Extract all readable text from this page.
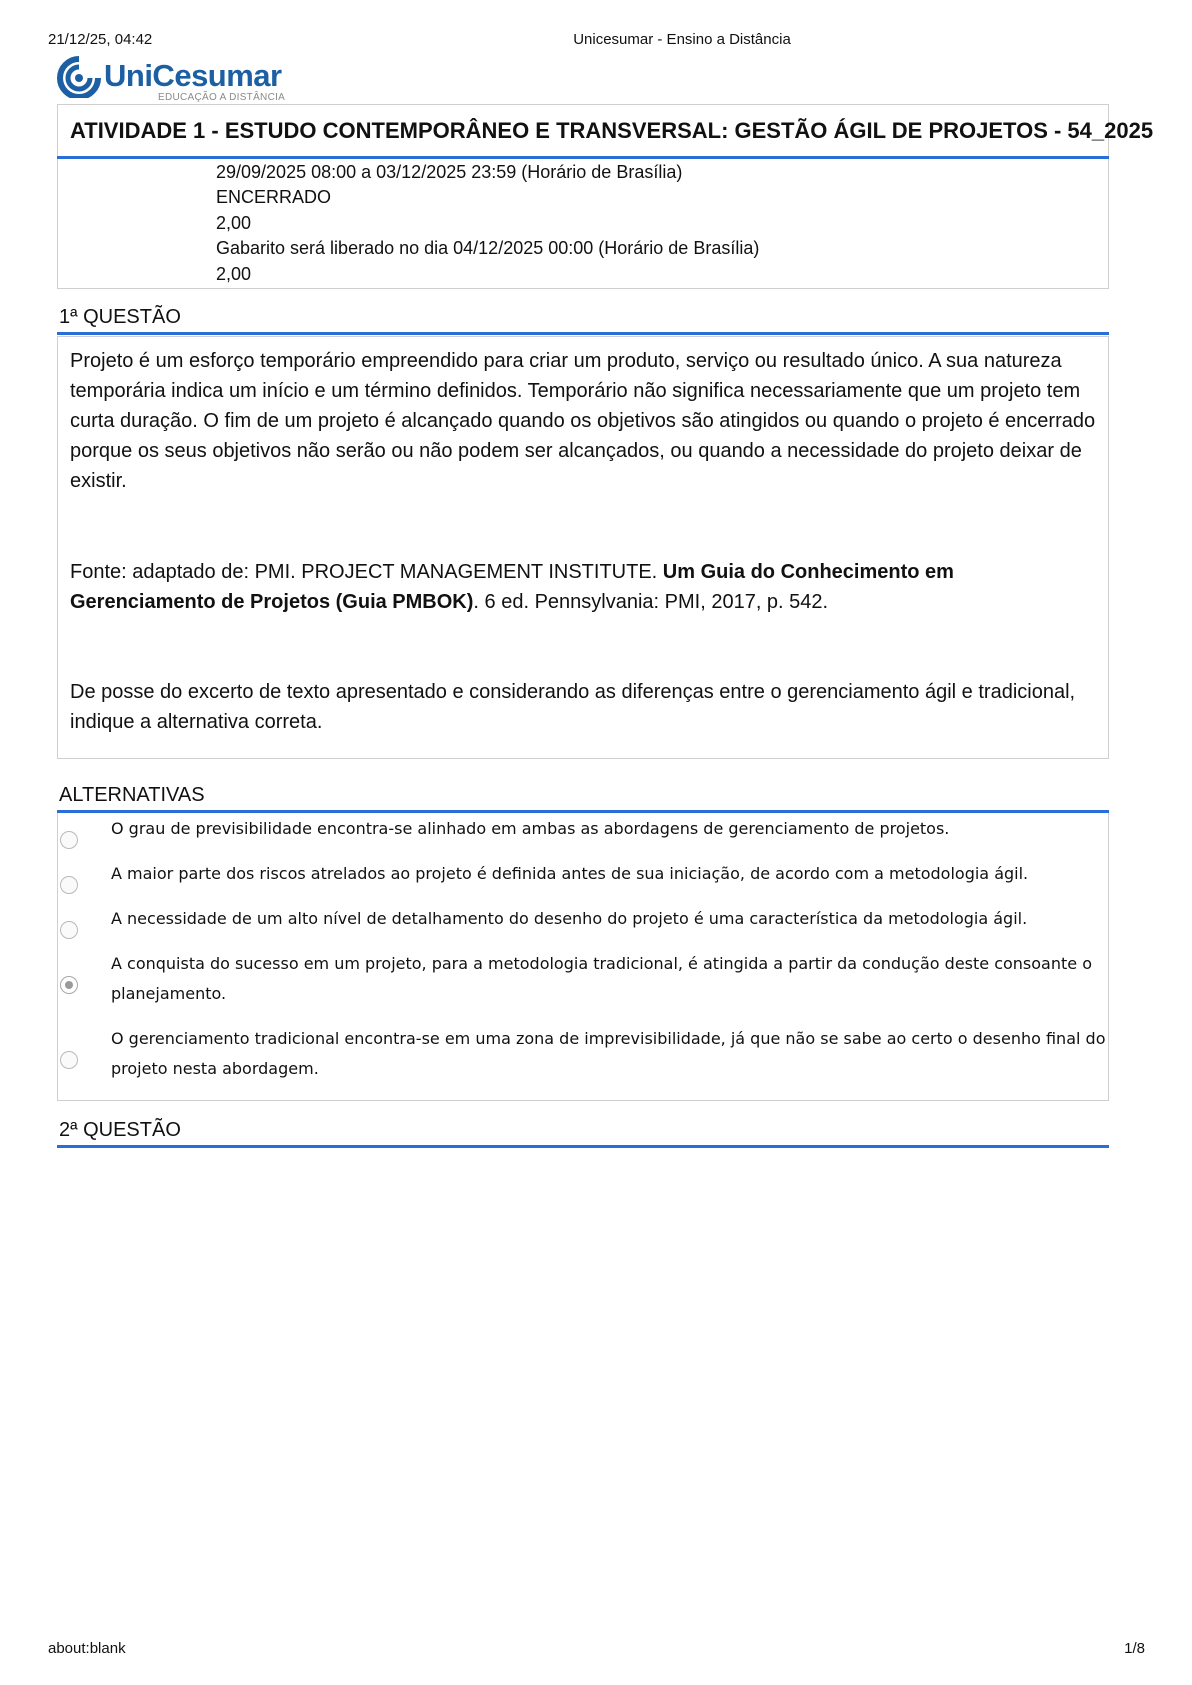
21/12/25, 04:42	Unicesumar - Ensino a Distância
UniCesumar
EDUCAÇÃO A DISTÂNCIA
ATIVIDADE 1 - ESTUDO CONTEMPORÂNEO E TRANSVERSAL: GESTÃO ÁGIL DE PROJETOS - 54_2025
29/09/2025 08:00 a 03/12/2025 23:59 (Horário de Brasília)
ENCERRADO
2,00
Gabarito será liberado no dia 04/12/2025 00:00 (Horário de Brasília)
2,00
1ª QUESTÃO
Projeto é um esforço temporário empreendido para criar um produto, serviço ou resultado único. A sua natureza temporária indica um início e um término definidos. Temporário não significa necessariamente que um projeto tem curta duração. O fim de um projeto é alcançado quando os objetivos são atingidos ou quando o projeto é encerrado porque os seus objetivos não serão ou não podem ser alcançados, ou quando a necessidade do projeto deixar de existir.
Fonte: adaptado de: PMI. PROJECT MANAGEMENT INSTITUTE. Um Guia do Conhecimento em Gerenciamento de Projetos (Guia PMBOK). 6 ed. Pennsylvania: PMI, 2017, p. 542.
De posse do excerto de texto apresentado e considerando as diferenças entre o gerenciamento ágil e tradicional, indique a alternativa correta.
ALTERNATIVAS
O grau de previsibilidade encontra-se alinhado em ambas as abordagens de gerenciamento de projetos.
A maior parte dos riscos atrelados ao projeto é definida antes de sua iniciação, de acordo com a metodologia ágil.
A necessidade de um alto nível de detalhamento do desenho do projeto é uma característica da metodologia ágil.
A conquista do sucesso em um projeto, para a metodologia tradicional, é atingida a partir da condução deste consoante o planejamento.
O gerenciamento tradicional encontra-se em uma zona de imprevisibilidade, já que não se sabe ao certo o desenho final do projeto nesta abordagem.
2ª QUESTÃO
about:blank	1/8
